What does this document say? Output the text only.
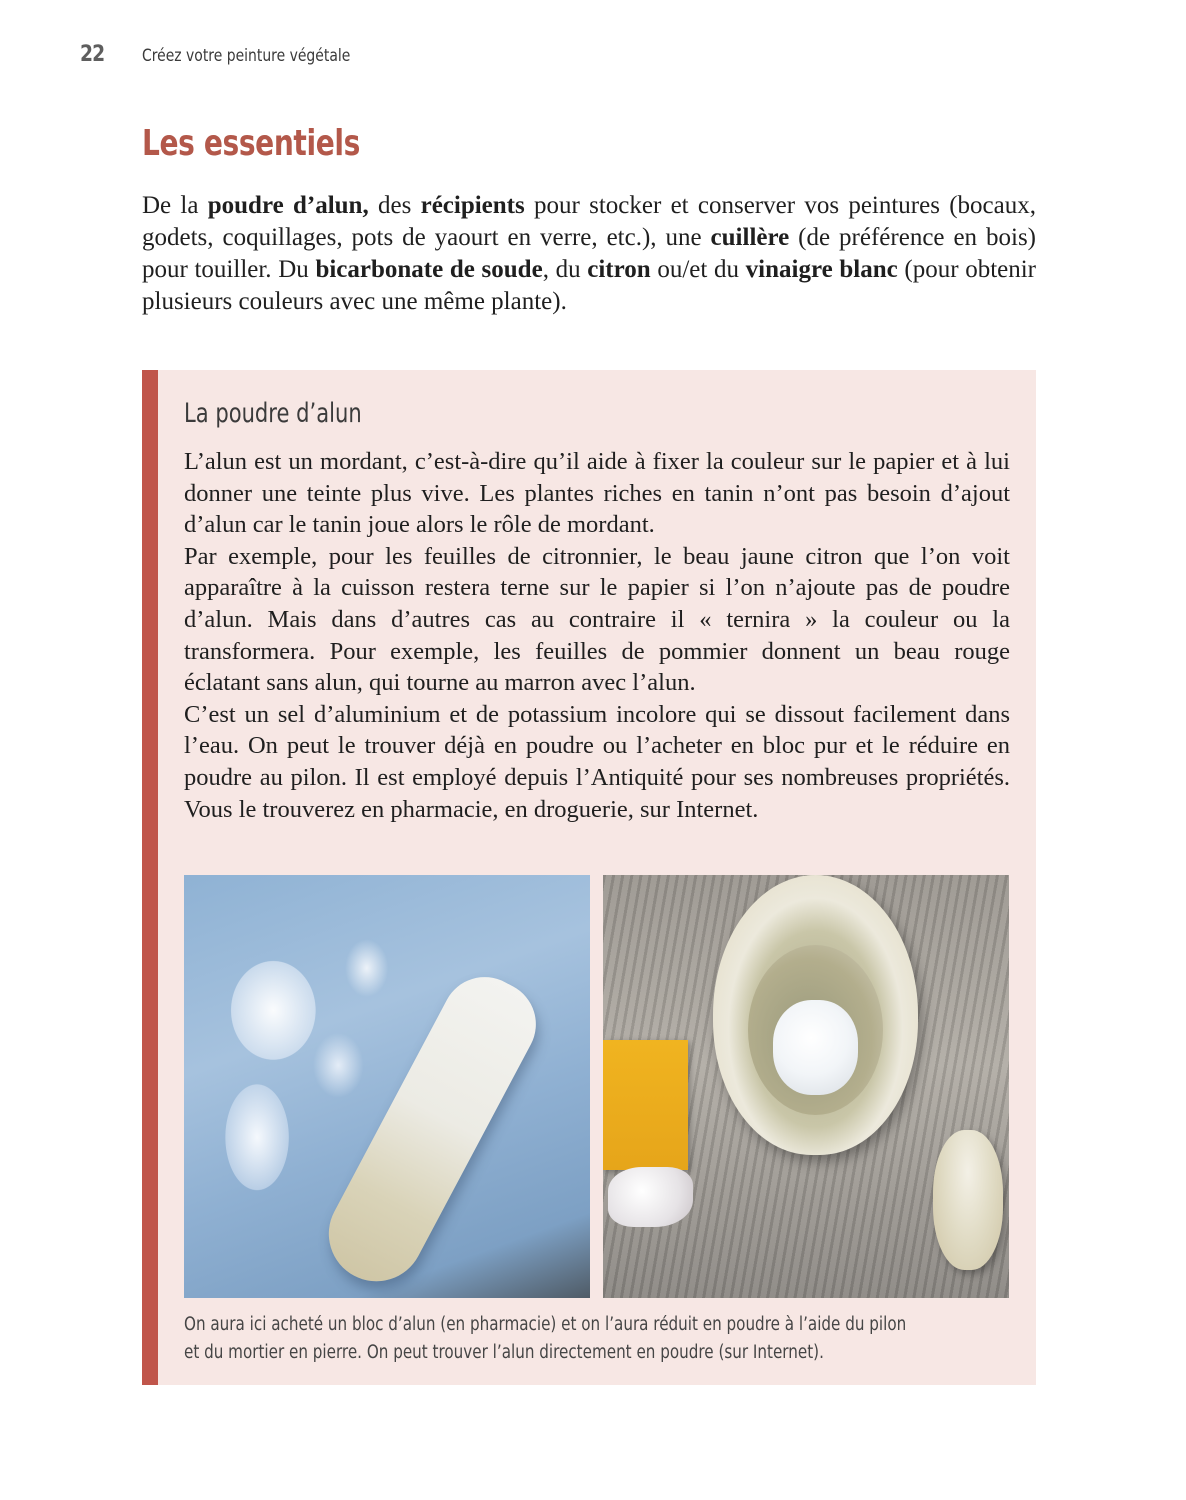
22 Créez votre peinture végétale
Les essentiels
De la poudre d’alun, des récipients pour stocker et conserver vos peintures (bocaux, godets, coquillages, pots de yaourt en verre, etc.), une cuillère (de préférence en bois) pour touiller. Du bicarbonate de soude, du citron ou/et du vinaigre blanc (pour obtenir plusieurs couleurs avec une même plante).
La poudre d’alun

L’alun est un mordant, c’est-à-dire qu’il aide à fixer la couleur sur le papier et à lui donner une teinte plus vive. Les plantes riches en tanin n’ont pas besoin d’ajout d’alun car le tanin joue alors le rôle de mordant.

Par exemple, pour les feuilles de citronnier, le beau jaune citron que l’on voit apparaître à la cuisson restera terne sur le papier si l’on n’ajoute pas de poudre d’alun. Mais dans d’autres cas au contraire il « ternira » la couleur ou la transformera. Pour exemple, les feuilles de pommier donnent un beau rouge éclatant sans alun, qui tourne au marron avec l’alun.

C’est un sel d’aluminium et de potassium incolore qui se dissout facilement dans l’eau. On peut le trouver déjà en poudre ou l’acheter en bloc pur et le réduire en poudre au pilon. Il est employé depuis l’Antiquité pour ses nombreuses propriétés. Vous le trouverez en pharmacie, en droguerie, sur Internet.

On aura ici acheté un bloc d’alun (en pharmacie) et on l’aura réduit en poudre à l’aide du pilon
et du mortier en pierre. On peut trouver l’alun directement en poudre (sur Internet).
